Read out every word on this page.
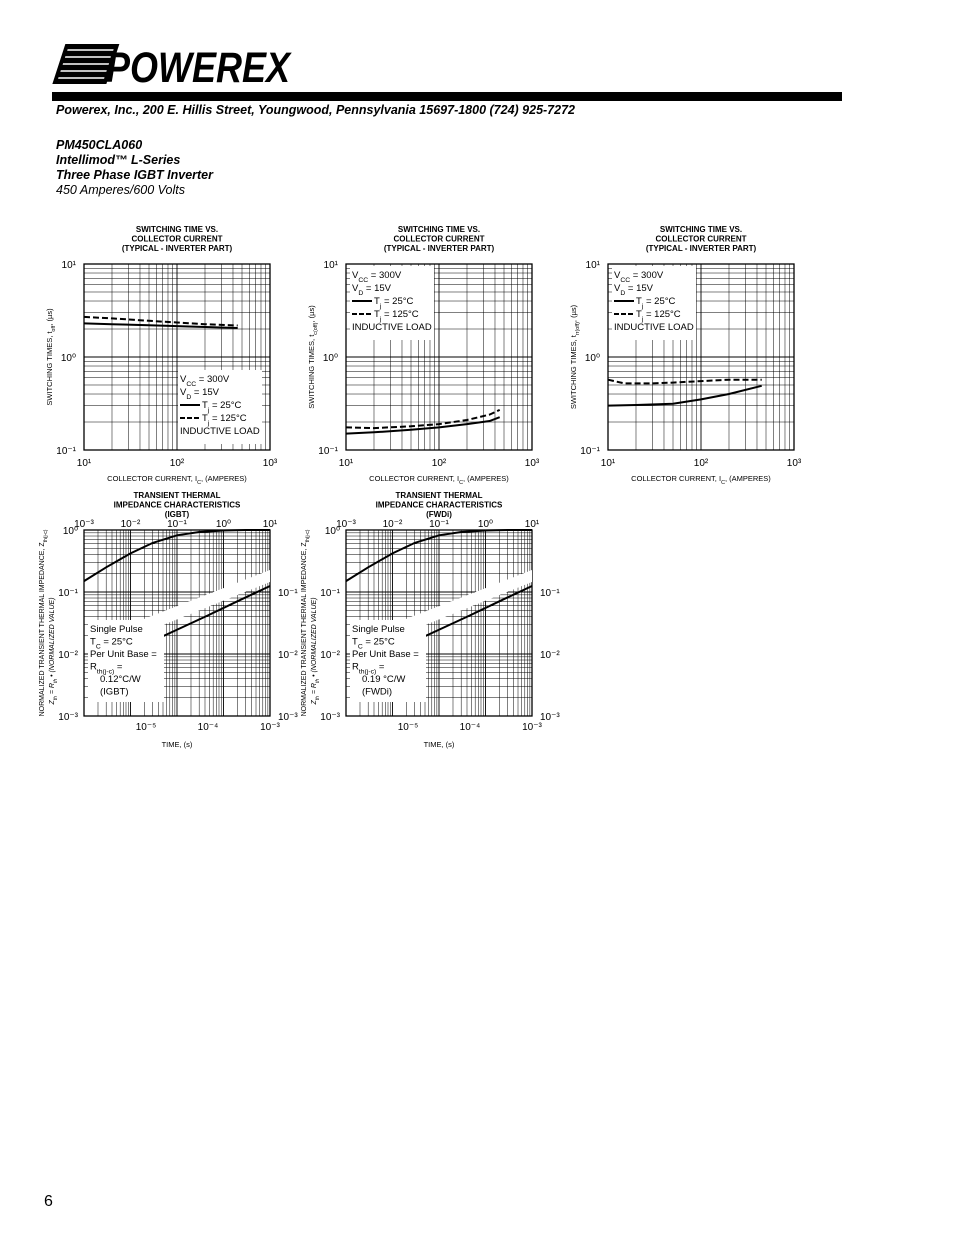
POWEREX
Powerex, Inc., 200 E. Hillis Street, Youngwood, Pennsylvania 15697-1800 (724) 925-7272
PM450CLA060
Intellimod™ L-Series
Three Phase IGBT Inverter
450 Amperes/600 Volts
SWITCHING TIME VS.
COLLECTOR CURRENT
(TYPICAL - INVERTER PART)
10¹	10²	10³
10⁻¹
10⁰
10¹
COLLECTOR CURRENT, $I_C$, (AMPERES)
SWITCHING TIMES, $t_{off}$, (µs)
$V_{CC} = 300V$
$V_D = 15V$
$T_j = 25^\circ C$
$T_j = 125^\circ C$
INDUCTIVE LOAD
SWITCHING TIME VS.
COLLECTOR CURRENT
(TYPICAL - INVERTER PART)
10¹	10²	10³
10⁻¹
10⁰
10¹
COLLECTOR CURRENT, $I_C$, (AMPERES)
SWITCHING TIMES, $t_{c(off)}$, (µs)
$V_{CC} = 300V$
$V_D = 15V$
$T_j = 25^\circ C$
$T_j = 125^\circ C$
INDUCTIVE LOAD
SWITCHING TIME VS.
COLLECTOR CURRENT
(TYPICAL - INVERTER PART)
10¹	10²	10³
10⁻¹
10⁰
10¹
COLLECTOR CURRENT, $I_C$, (AMPERES)
SWITCHING TIMES, $t_{rr(off)}$, (µs)
$V_{CC} = 300V$
$V_D = 15V$
$T_j = 25^\circ C$
$T_j = 125^\circ C$
INDUCTIVE LOAD
TRANSIENT THERMAL
IMPEDANCE CHARACTERISTICS
(IGBT)
10⁻³	10⁻²	10⁻¹	10⁰	10¹
10⁻⁵	10⁻⁴	10⁻³
10⁻³
10⁻²
10⁻¹
10⁰
10⁻³
10⁻²
10⁻¹
TIME, (s)
NORMALIZED TRANSIENT THERMAL IMPEDANCE, $Z_{th(j-c)}$
$Z_{th} = R_{th}$ • (NORMALIZED VALUE)	Single Pulse
$T_C = 25^\circ C$
Per Unit Base =
$R_{th(j-c)}$ =
0.12°C/W
(IGBT)
TRANSIENT THERMAL
IMPEDANCE CHARACTERISTICS
(FWDi)
10⁻³	10⁻²	10⁻¹	10⁰	10¹
10⁻⁵	10⁻⁴	10⁻³
10⁻³
10⁻²
10⁻¹
10⁰
10⁻³
10⁻²
10⁻¹
TIME, (s)
NORMALIZED TRANSIENT THERMAL IMPEDANCE, $Z_{th(j-c)}$
$Z_{th} = R_{th}$ • (NORMALIZED VALUE)	Single Pulse
$T_C = 25^\circ C$
Per Unit Base =
$R_{th(j-c)}$ =
0.19 °C/W
(FWDi)
6
